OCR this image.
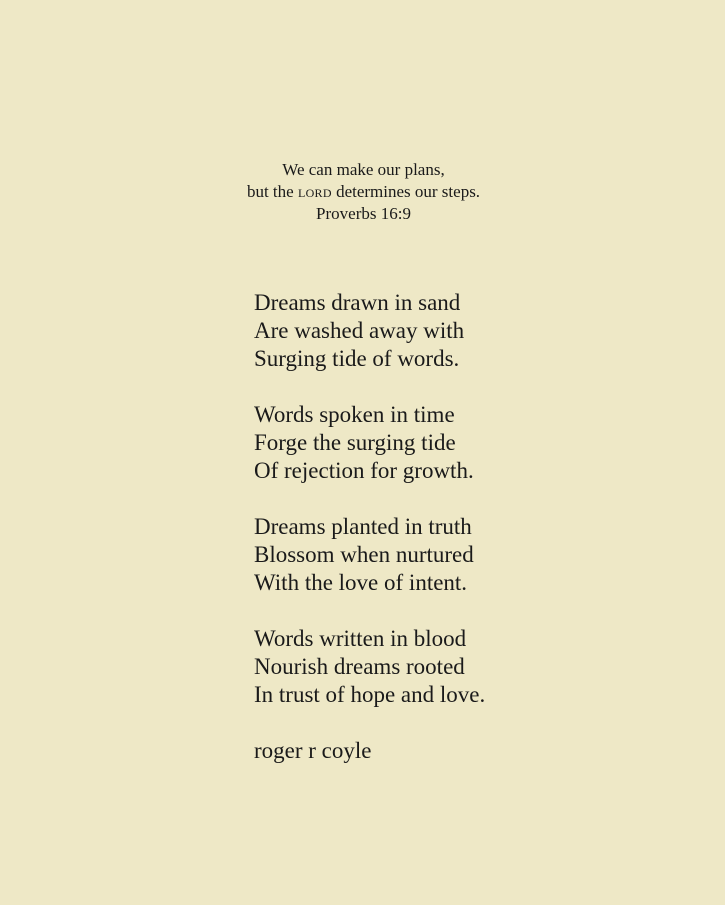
We can make our plans,
but the lord determines our steps.
Proverbs 16:9
Dreams drawn in sand
Are washed away with
Surging tide of words.
Words spoken in time
Forge the surging tide
Of rejection for growth.
Dreams planted in truth
Blossom when nurtured
With the love of intent.
Words written in blood
Nourish dreams rooted
In trust of hope and love.
roger r coyle
